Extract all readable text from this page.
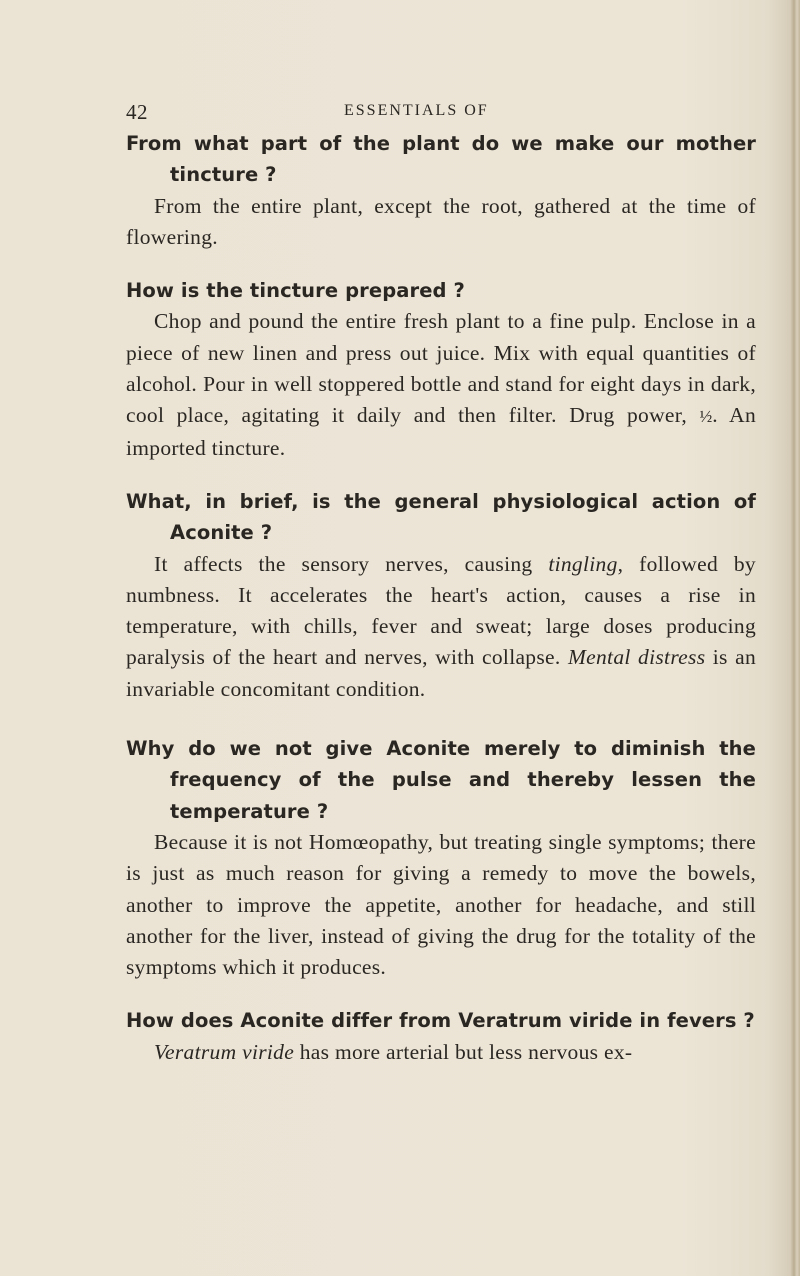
42	ESSENTIALS OF

From what part of the plant do we make our mother tincture ?

From the entire plant, except the root, gathered at the time of flowering.

How is the tincture prepared ?

Chop and pound the entire fresh plant to a fine pulp. Enclose in a piece of new linen and press out juice. Mix with equal quantities of alcohol. Pour in well stoppered bottle and stand for eight days in dark, cool place, agitating it daily and then filter. Drug power, ½. An imported tincture.

What, in brief, is the general physiological action of Aconite ?

It affects the sensory nerves, causing tingling, followed by numbness. It accelerates the heart's action, causes a rise in temperature, with chills, fever and sweat; large doses producing paralysis of the heart and nerves, with collapse. Mental distress is an invariable concomitant condition.

Why do we not give Aconite merely to diminish the frequency of the pulse and thereby lessen the temperature ?

Because it is not Homœopathy, but treating single symptoms; there is just as much reason for giving a remedy to move the bowels, another to improve the appetite, another for headache, and still another for the liver, instead of giving the drug for the totality of the symptoms which it produces.

How does Aconite differ from Veratrum viride in fevers ?

Veratrum viride has more arterial but less nervous ex-
